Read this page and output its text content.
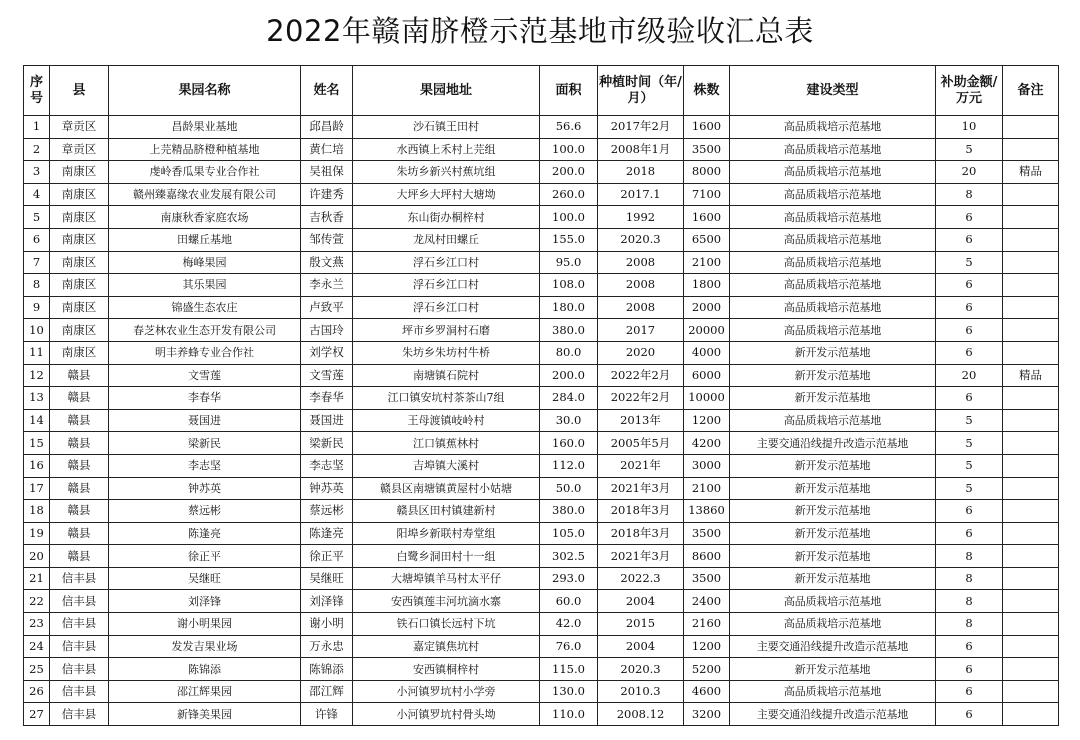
2022年赣南脐橙示范基地市级验收汇总表
序号	县	果园名称	姓名	果园地址	面积	种植时间（年/月）	株数	建设类型	补助金额/万元	备注
1	章贡区	昌龄果业基地	邱昌龄	沙石镇王田村	56.6	2017年2月	1600	高品质栽培示范基地	10	
2	章贡区	上芫精品脐橙种植基地	黄仁培	水西镇上禾村上芫组	100.0	2008年1月	3500	高品质栽培示范基地	5	
3	南康区	虔岭香瓜果专业合作社	吴祖保	朱坊乡新兴村蕉坑组	200.0	2018	8000	高品质栽培示范基地	20	精品
4	南康区	赣州臻嘉缘农业发展有限公司	许建秀	大坪乡大坪村大塘坳	260.0	2017.1	7100	高品质栽培示范基地	8	
5	南康区	南康秋香家庭农场	吉秋香	东山街办桐梓村	100.0	1992	1600	高品质栽培示范基地	6	
6	南康区	田螺丘基地	邹传萱	龙凤村田螺丘	155.0	2020.3	6500	高品质栽培示范基地	6	
7	南康区	梅峰果园	殷文燕	浮石乡江口村	95.0	2008	2100	高品质栽培示范基地	5	
8	南康区	其乐果园	李永兰	浮石乡江口村	108.0	2008	1800	高品质栽培示范基地	6	
9	南康区	锦盛生态农庄	卢致平	浮石乡江口村	180.0	2008	2000	高品质栽培示范基地	6	
10	南康区	春芝林农业生态开发有限公司	古国玲	坪市乡罗洞村石磨	380.0	2017	20000	高品质栽培示范基地	6	
11	南康区	明丰养蜂专业合作社	刘学权	朱坊乡朱坊村牛桥	80.0	2020	4000	新开发示范基地	6	
12	赣县	文雪莲	文雪莲	南塘镇石院村	200.0	2022年2月	6000	新开发示范基地	20	精品
13	赣县	李春华	李春华	江口镇安坑村茶茶山7组	284.0	2022年2月	10000	新开发示范基地	6	
14	赣县	聂国进	聂国进	王母渡镇岐岭村	30.0	2013年	1200	高品质栽培示范基地	5	
15	赣县	梁新民	梁新民	江口镇蕉林村	160.0	2005年5月	4200	主要交通沿线提升改造示范基地	5	
16	赣县	李志坚	李志坚	吉埠镇大溪村	112.0	2021年	3000	新开发示范基地	5	
17	赣县	钟苏英	钟苏英	赣县区南塘镇黄屋村小姑塘	50.0	2021年3月	2100	新开发示范基地	5	
18	赣县	蔡远彬	蔡远彬	赣县区田村镇建新村	380.0	2018年3月	13860	新开发示范基地	6	
19	赣县	陈逢亮	陈逢亮	阳埠乡新联村寿堂组	105.0	2018年3月	3500	新开发示范基地	6	
20	赣县	徐正平	徐正平	白鹭乡洞田村十一组	302.5	2021年3月	8600	新开发示范基地	8	
21	信丰县	吴继旺	吴继旺	大塘埠镇羊马村太平仔	293.0	2022.3	3500	新开发示范基地	8	
22	信丰县	刘泽锋	刘泽锋	安西镇莲丰河坑滴水寨	60.0	2004	2400	高品质栽培示范基地	8	
23	信丰县	谢小明果园	谢小明	铁石口镇长远村下坑	42.0	2015	2160	高品质栽培示范基地	8	
24	信丰县	发发吉果业场	万永忠	嘉定镇焦坑村	76.0	2004	1200	主要交通沿线提升改造示范基地	6	
25	信丰县	陈锦添	陈锦添	安西镇桐梓村	115.0	2020.3	5200	新开发示范基地	6	
26	信丰县	邵江辉果园	邵江辉	小河镇罗坑村小学旁	130.0	2010.3	4600	高品质栽培示范基地	6	
27	信丰县	新锋美果园	许锋	小河镇罗坑村骨头坳	110.0	2008.12	3200	主要交通沿线提升改造示范基地	6	
